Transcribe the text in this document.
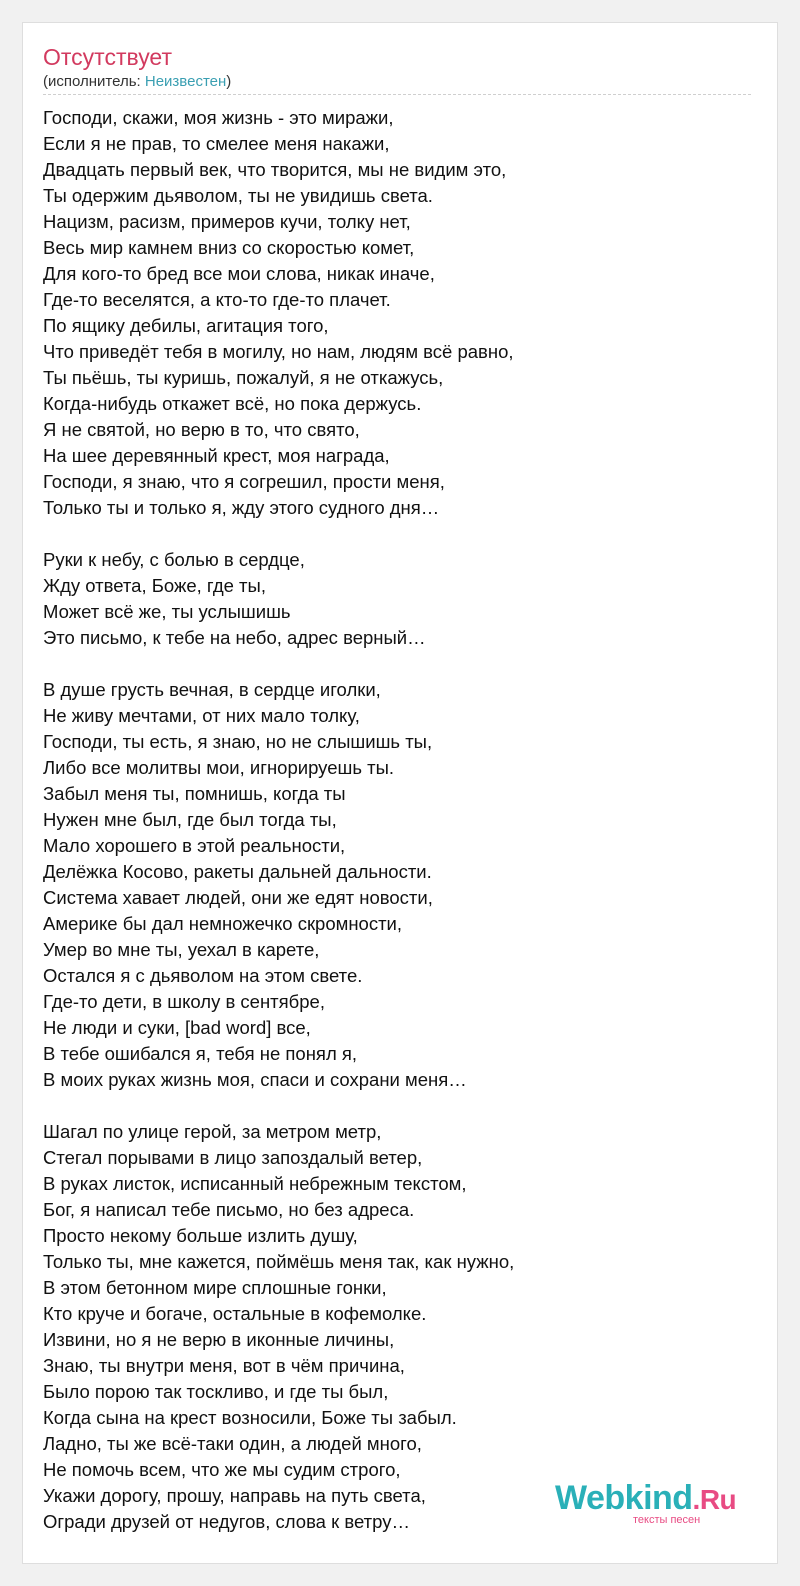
Отсутствует
(исполнитель: Неизвестен)
Господи, скажи, моя жизнь - это миражи,
Если я не прав, то смелее меня накажи,
Двадцать первый век, что творится, мы не видим это,
Ты одержим дьяволом, ты не увидишь света.
Нацизм, расизм, примеров кучи, толку нет,
Весь мир камнем вниз со скоростью комет,
Для кого-то бред все мои слова, никак иначе,
Где-то веселятся, а кто-то где-то плачет.
По ящику дебилы, агитация того,
Что приведёт тебя в могилу, но нам, людям всё равно,
Ты пьёшь, ты куришь, пожалуй, я не откажусь,
Когда-нибудь откажет всё, но пока держусь.
Я не святой, но верю в то, что свято,
На шее деревянный крест, моя награда,
Господи, я знаю, что я согрешил, прости меня,
Только ты и только я, жду этого судного дня…
Руки к небу, с болью в сердце,
Жду ответа, Боже, где ты,
Может всё же, ты услышишь
Это письмо, к тебе на небо, адрес верный…
В душе грусть вечная, в сердце иголки,
Не живу мечтами, от них мало толку,
Господи, ты есть, я знаю, но не слышишь ты,
Либо все молитвы мои, игнорируешь ты.
Забыл меня ты, помнишь, когда ты
Нужен мне был, где был тогда ты,
Мало хорошего в этой реальности,
Делёжка Косово, ракеты дальней дальности.
Система хавает людей, они же едят новости,
Америке бы дал немножечко скромности,
Умер во мне ты, уехал в карете,
Остался я с дьяволом на этом свете.
Где-то дети, в школу в сентябре,
Не люди и суки, [bad word] все,
В тебе ошибался я, тебя не понял я,
В моих руках жизнь моя, спаси и сохрани меня…
Шагал по улице герой, за метром метр,
Стегал порывами в лицо запоздалый ветер,
В руках листок, исписанный небрежным текстом,
Бог, я написал тебе письмо, но без адреса.
Просто некому больше излить душу,
Только ты, мне кажется, поймёшь меня так, как нужно,
В этом бетонном мире сплошные гонки,
Кто круче и богаче, остальные в кофемолке.
Извини, но я не верю в иконные личины,
Знаю, ты внутри меня, вот в чём причина,
Было порою так тоскливо, и где ты был,
Когда сына на крест возносили, Боже ты забыл.
Ладно, ты же всё-таки один, а людей много,
Не помочь всем, что же мы судим строго,
Укажи дорогу, прошу, направь на путь света,
Огради друзей от недугов, слова к ветру…
Webkind.Ru
тексты песен
